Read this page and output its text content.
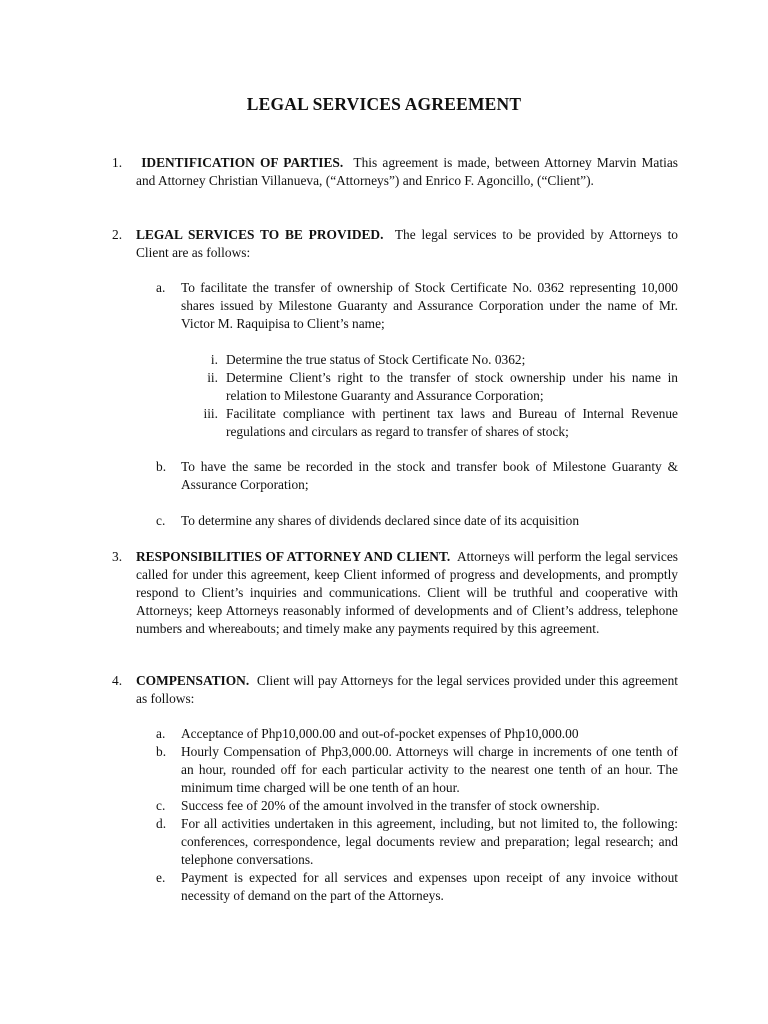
LEGAL SERVICES AGREEMENT
1.	IDENTIFICATION OF PARTIES. This agreement is made, between Attorney Marvin Matias and Attorney Christian Villanueva, (“Attorneys”) and Enrico F. Agoncillo, (“Client”).
2.	LEGAL SERVICES TO BE PROVIDED. The legal services to be provided by Attorneys to Client are as follows:
a.	To facilitate the transfer of ownership of Stock Certificate No. 0362 representing 10,000 shares issued by Milestone Guaranty and Assurance Corporation under the name of Mr. Victor M. Raquipisa to Client’s name;
i. Determine the true status of Stock Certificate No. 0362;
ii. Determine Client’s right to the transfer of stock ownership under his name in relation to Milestone Guaranty and Assurance Corporation;
iii. Facilitate compliance with pertinent tax laws and Bureau of Internal Revenue regulations and circulars as regard to transfer of shares of stock;
b.	To have the same be recorded in the stock and transfer book of Milestone Guaranty & Assurance Corporation;
c.	To determine any shares of dividends declared since date of its acquisition
3.	RESPONSIBILITIES OF ATTORNEY AND CLIENT. Attorneys will perform the legal services called for under this agreement, keep Client informed of progress and developments, and promptly respond to Client’s inquiries and communications. Client will be truthful and cooperative with Attorneys; keep Attorneys reasonably informed of developments and of Client’s address, telephone numbers and whereabouts; and timely make any payments required by this agreement.
4.	COMPENSATION. Client will pay Attorneys for the legal services provided under this agreement as follows:
a.	Acceptance of Php10,000.00 and out-of-pocket expenses of Php10,000.00
b.	Hourly Compensation of Php3,000.00. Attorneys will charge in increments of one tenth of an hour, rounded off for each particular activity to the nearest one tenth of an hour. The minimum time charged will be one tenth of an hour.
c.	Success fee of 20% of the amount involved in the transfer of stock ownership.
d.	For all activities undertaken in this agreement, including, but not limited to, the following: conferences, correspondence, legal documents review and preparation; legal research; and telephone conversations.
e.	Payment is expected for all services and expenses upon receipt of any invoice without necessity of demand on the part of the Attorneys.
